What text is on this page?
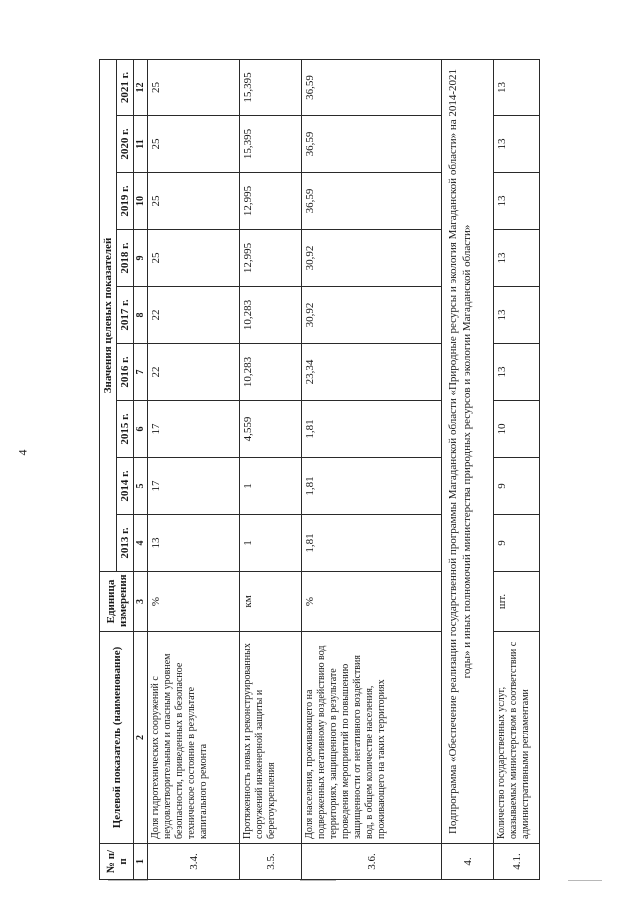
4
№ п/п	Целевой показатель (наименование)	Единица измерения	Значения целевых показателей								
			2013 г.	2014 г.	2015 г.	2016 г.	2017 г.	2018 г.	2019 г.	2020 г.	2021 г.
1	2	3	4	5	6	7	8	9	10	11	12
3.4.	Доля гидротехнических сооружений с неудовлетворительным и опасным уровнем безопасности, приведенных в безопасное техническое состояние в результате капитального ремонта	%	13	17	17	22	22	25	25	25	25
3.5.	Протяженность новых и реконструированных сооружений инженерной защиты и берегоукрепления	км	1	1	4,559	10,283	10,283	12,995	12,995	15,395	15,395
3.6.	Доля населения, проживающего на подверженных негативному воздействию вод территориях, защищенного в результате проведения мероприятий по повышению защищенности от негативного воздействия вод, в общем количестве населения, проживающего на таких территориях	%	1,81	1,81	1,81	23,34	30,92	30,92	36,59	36,59	36,59
4.	Подпрограмма «Обеспечение реализации государственной программы Магаданской области «Природные ресурсы и экология Магаданской области» на 2014-2021 годы» и иных полномочий министерства природных ресурсов и экологии Магаданской области»										
4.1.	Количество государственных услуг, оказываемых министерством в соответствии с административными регламентами	шт.	9	9	10	13	13	13	13	13	13
